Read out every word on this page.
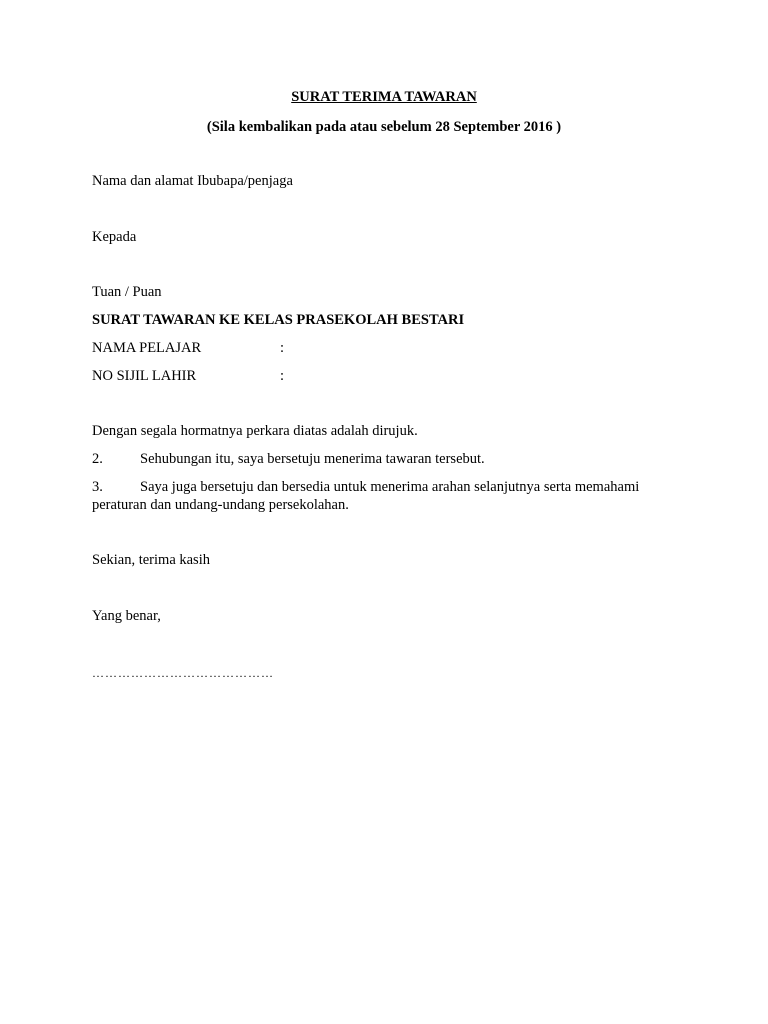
SURAT TERIMA TAWARAN
(Sila kembalikan pada atau sebelum 28 September 2016 )
Nama dan alamat Ibubapa/penjaga
Kepada
Tuan / Puan
SURAT TAWARAN KE KELAS PRASEKOLAH BESTARI
NAMA PELAJAR	:
NO SIJIL LAHIR	:
Dengan segala hormatnya perkara diatas adalah dirujuk.
2.	Sehubungan itu, saya bersetuju menerima tawaran tersebut.
3.	Saya juga bersetuju dan bersedia untuk menerima arahan selanjutnya serta memahami
peraturan dan undang-undang persekolahan.
Sekian, terima kasih
Yang benar,
……………………………………
